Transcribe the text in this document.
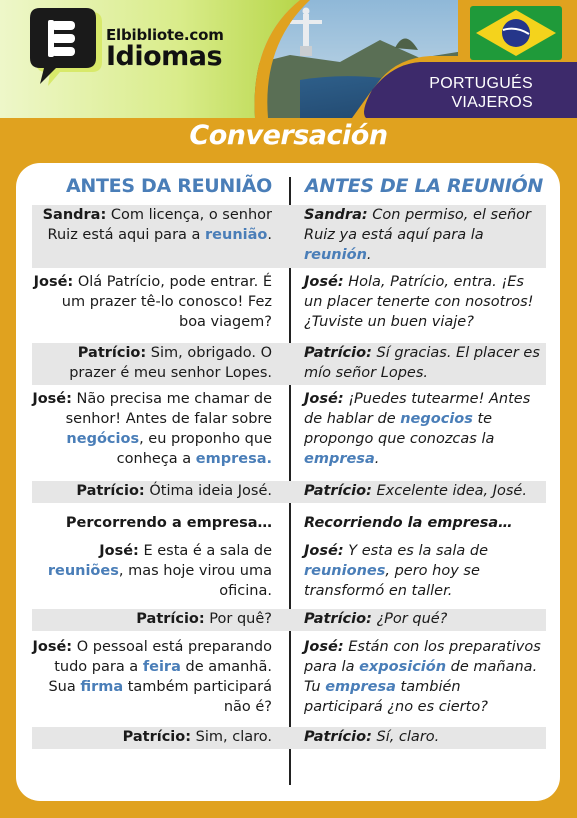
Elbibliote.com
Idiomas
PORTUGUÉS
VIAJEROS
Conversación
ANTES DA REUNIÃO ANTES DE LA REUNIÓN
Sandra: Com licença, o senhor Ruiz está aqui para a reunião.
Sandra: Con permiso, el señor Ruiz ya está aquí para la reunión.
José: Olá Patrício, pode entrar. É um prazer tê-lo conosco! Fez boa viagem?
José: Hola, Patrício, entra. ¡Es un placer tenerte con nosotros! ¿Tuviste un buen viaje?
Patrício: Sim, obrigado. O prazer é meu senhor Lopes.
Patrício: Sí gracias. El placer es mío señor Lopes.
José: Não precisa me chamar de senhor! Antes de falar sobre negócios, eu proponho que conheça a empresa.
José: ¡Puedes tutearme! Antes de hablar de negocios te propongo que conozcas la empresa.
Patrício: Ótima ideia José. Patrício: Excelente idea, José.
Percorrendo a empresa… Recorriendo la empresa…
José: E esta é a sala de reuniões, mas hoje virou uma oficina.
José: Y esta es la sala de reuniones, pero hoy se transformó en taller.
Patrício: Por quê? Patrício: ¿Por qué?
José: O pessoal está preparando tudo para a feira de amanhã. Sua firma também participará não é?
José: Están con los preparativos para la exposición de mañana. Tu empresa también participará ¿no es cierto?
Patrício: Sim, claro. Patrício: Sí, claro.
